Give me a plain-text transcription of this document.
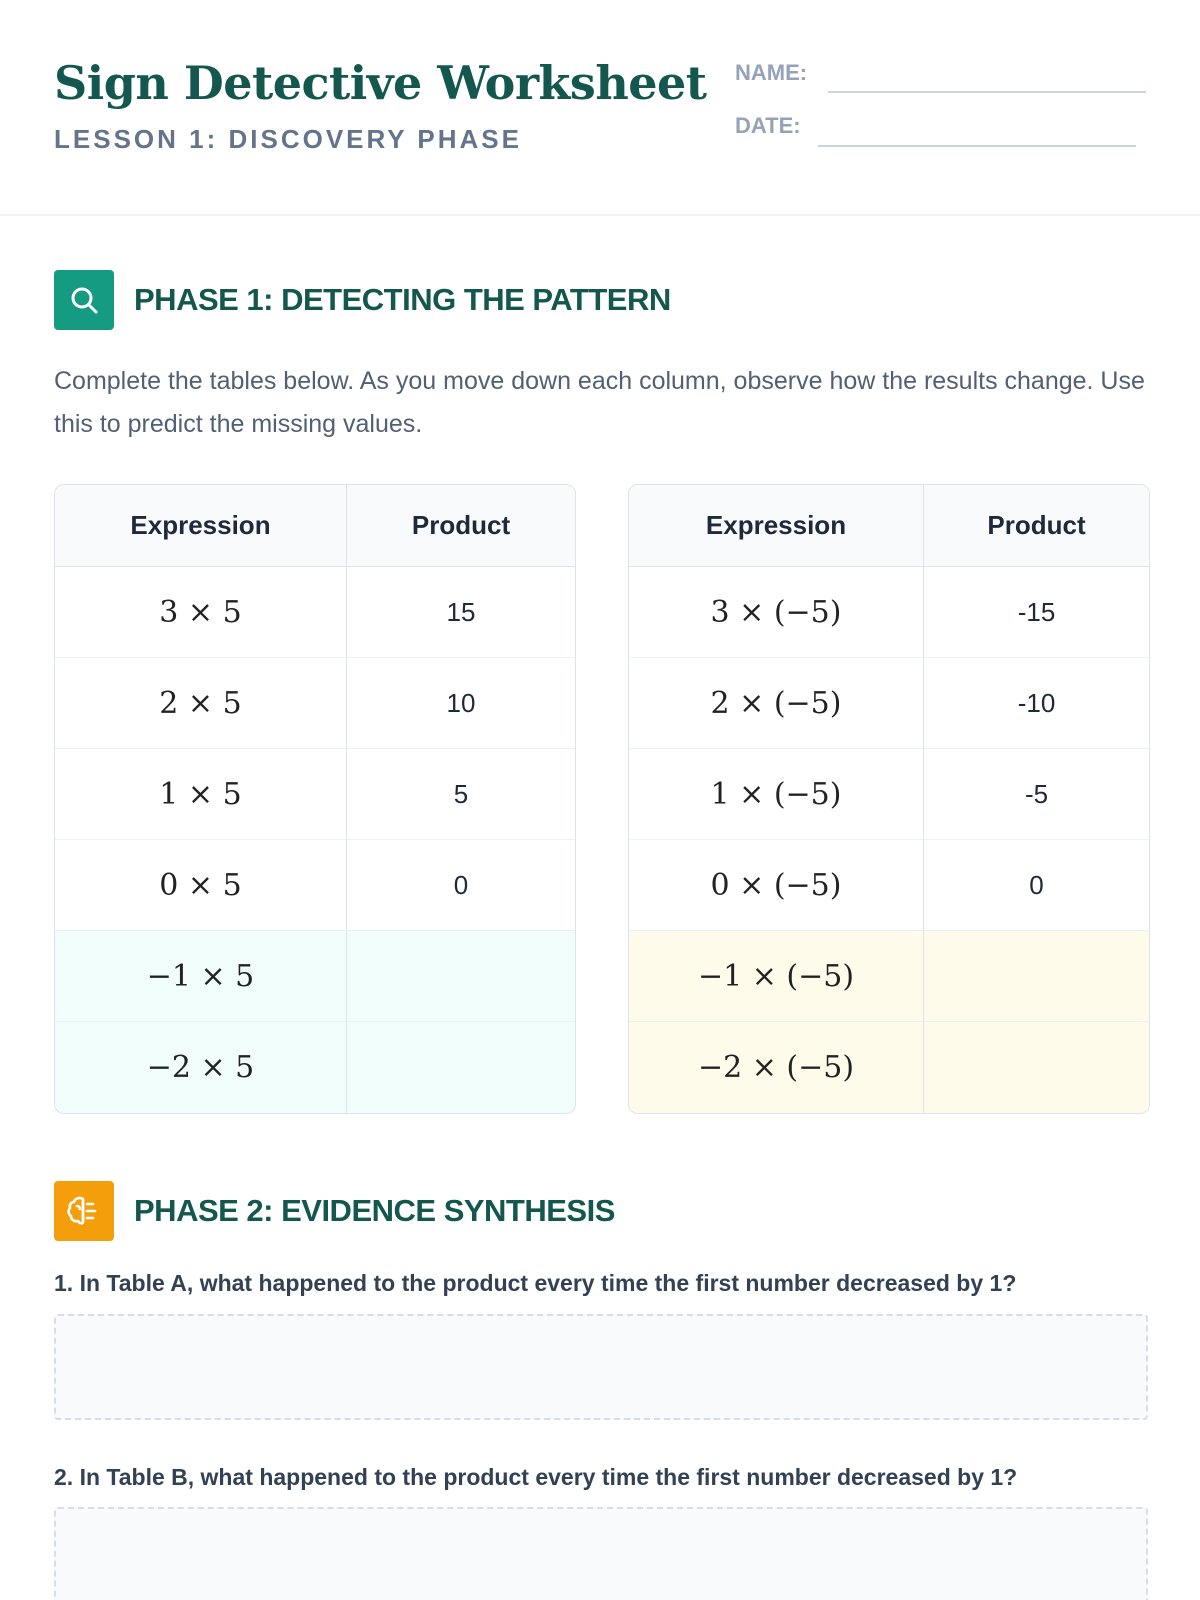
Sign Detective Worksheet
LESSON 1: DISCOVERY PHASE
NAME:
DATE:
PHASE 1: DETECTING THE PATTERN
Complete the tables below. As you move down each column, observe how the results change. Use this to predict the missing values.
Expression	Product
3 × 5	15
2 × 5	10
1 × 5	5
0 × 5	0
−1 × 5	
−2 × 5	
Expression	Product
3 × (−5)	-15
2 × (−5)	-10
1 × (−5)	-5
0 × (−5)	0
−1 × (−5)	
−2 × (−5)	
PHASE 2: EVIDENCE SYNTHESIS
1. In Table A, what happened to the product every time the first number decreased by 1?
2. In Table B, what happened to the product every time the first number decreased by 1?
